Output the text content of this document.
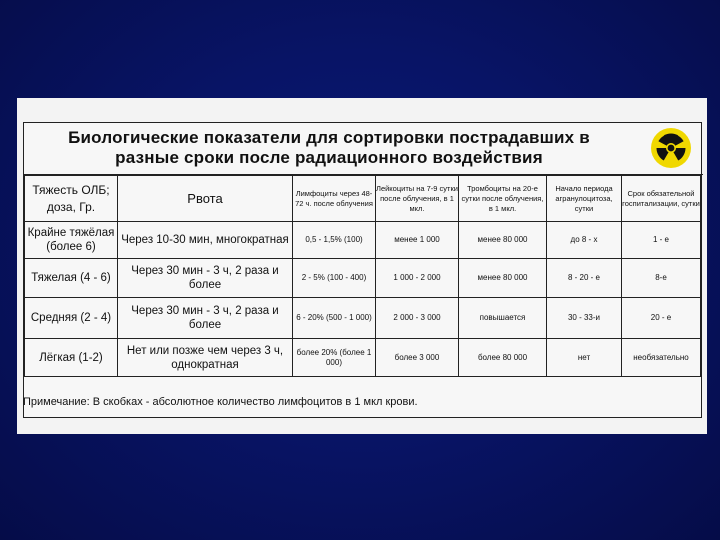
Биологические показатели для сортировки пострадавших в
разные сроки после радиационного воздействия
Тяжесть ОЛБ; доза, Гр.	Рвота	Лимфоциты через 48-72 ч. после облучения	Лейкоциты на 7-9 сутки после облучения, в 1 мкл.	Тромбоциты на 20-е сутки после облучения, в 1 мкл.	Начало периода агранулоцитоза, сутки	Срок обязательной госпитализации, сутки
Крайне тяжёлая (более 6)	Через 10-30 мин, многократная	0,5 - 1,5% (100)	менее 1 000	менее 80 000	до 8 - х	1 - е
Тяжелая (4 - 6)	Через 30 мин - 3 ч, 2 раза и более	2 - 5% (100 - 400)	1 000 - 2 000	менее 80 000	8 - 20 - е	8-е
Средняя (2 - 4)	Через 30 мин - 3 ч, 2 раза и более	6 - 20% (500 - 1 000)	2 000 - 3 000	повышается	30 - 33-и	20 - е
Лёгкая (1-2)	Нет или позже чем через 3 ч, однократная	более 20% (более 1 000)	более 3 000	более 80 000	нет	необязательно
Примечание: В скобках - абсолютное количество лимфоцитов в 1 мкл крови.
